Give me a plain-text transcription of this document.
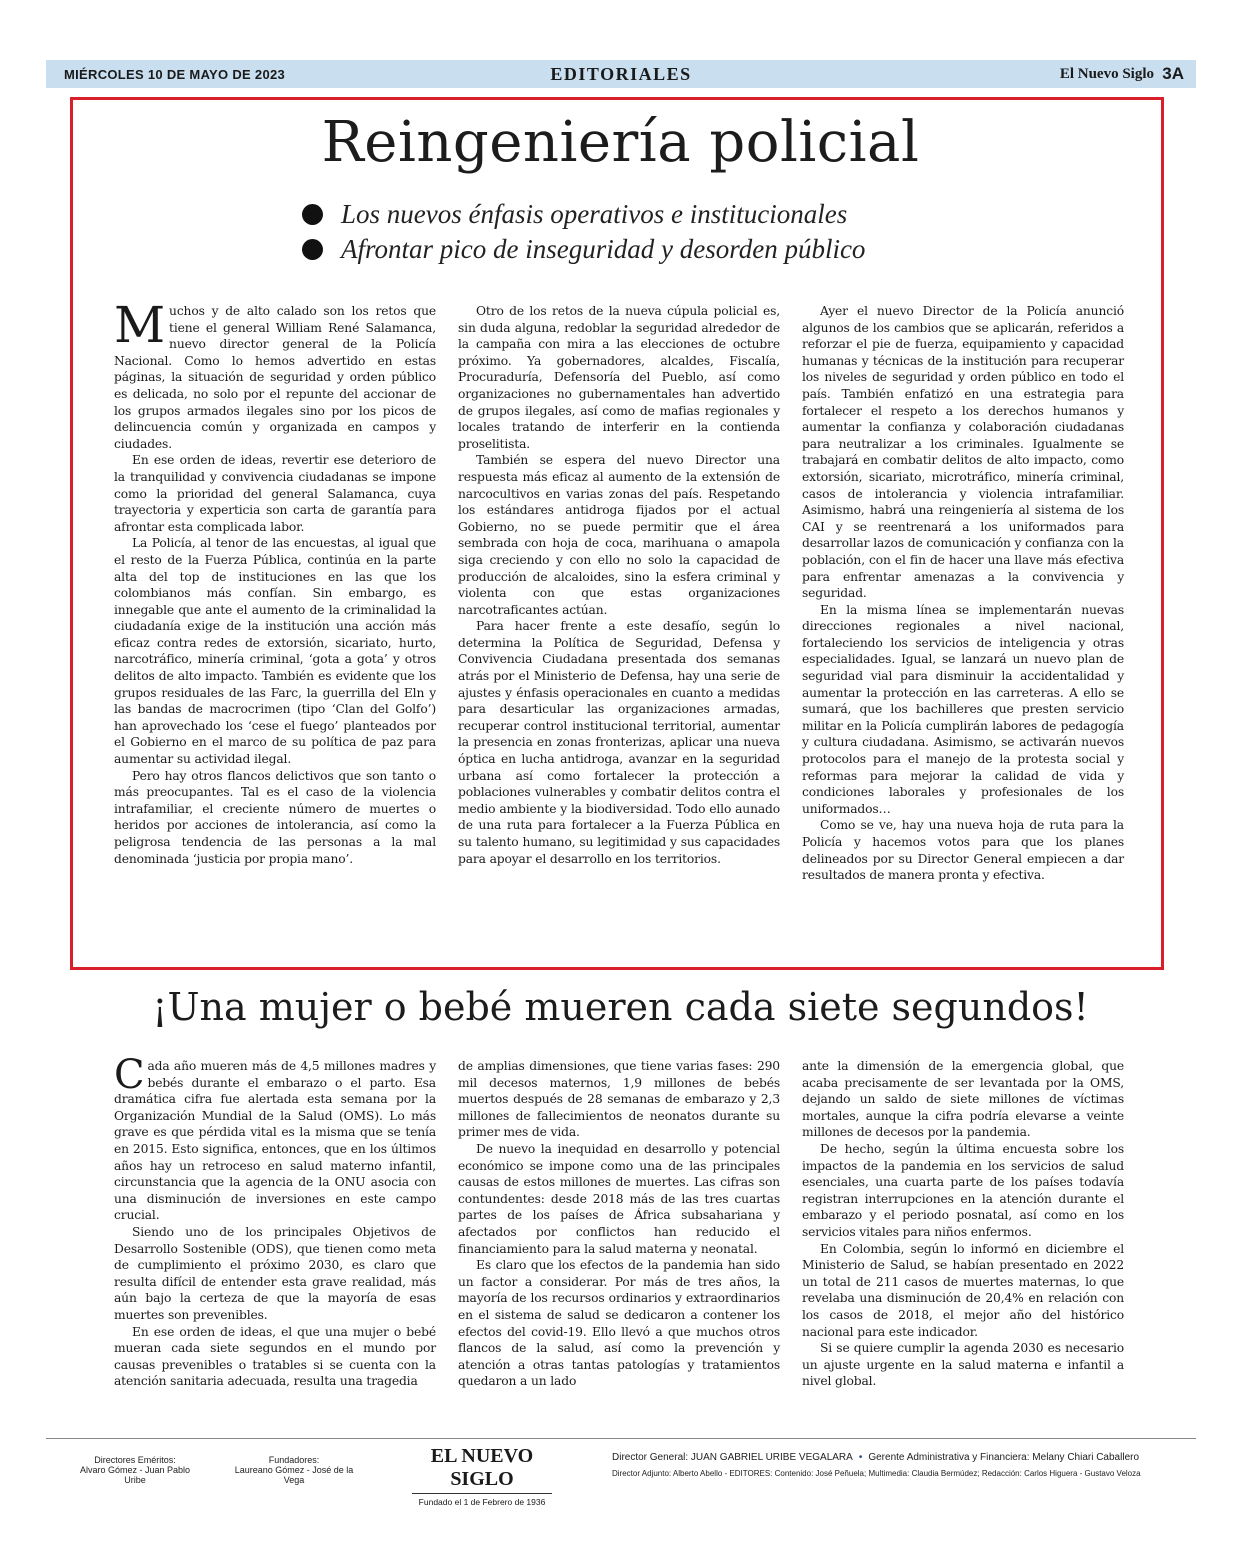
MIÉRCOLES 10 DE MAYO DE 2023	EDITORIALES	El Nuevo Siglo 3A
Reingeniería policial
Los nuevos énfasis operativos e institucionales
Afrontar pico de inseguridad y desorden público

Muchos y de alto calado son los retos que tiene el general William René Salamanca, nuevo director general de la Policía Nacional. Como lo hemos advertido en estas páginas, la situación de seguridad y orden público es delicada, no solo por el repunte del accionar de los grupos armados ilegales sino por los picos de delincuencia común y organizada en campos y ciudades.

En ese orden de ideas, revertir ese deterioro de la tranquilidad y convivencia ciudadanas se impone como la prioridad del general Salamanca, cuya trayectoria y experticia son carta de garantía para afrontar esta complicada labor.

La Policía, al tenor de las encuestas, al igual que el resto de la Fuerza Pública, continúa en la parte alta del top de instituciones en las que los colombianos más confían. Sin embargo, es innegable que ante el aumento de la criminalidad la ciudadanía exige de la institución una acción más eficaz contra redes de extorsión, sicariato, hurto, narcotráfico, minería criminal, ‘gota a gota’ y otros delitos de alto impacto. También es evidente que los grupos residuales de las Farc, la guerrilla del Eln y las bandas de macrocrimen (tipo ‘Clan del Golfo’) han aprovechado los ‘cese el fuego’ planteados por el Gobierno en el marco de su política de paz para aumentar su actividad ilegal.

Pero hay otros flancos delictivos que son tanto o más preocupantes. Tal es el caso de la violencia intrafamiliar, el creciente número de muertes o heridos por acciones de intolerancia, así como la peligrosa tendencia de las personas a la mal denominada ‘justicia por propia mano’.

Otro de los retos de la nueva cúpula policial es, sin duda alguna, redoblar la seguridad alrededor de la campaña con mira a las elecciones de octubre próximo. Ya gobernadores, alcaldes, Fiscalía, Procuraduría, Defensoría del Pueblo, así como organizaciones no gubernamentales han advertido de grupos ilegales, así como de mafias regionales y locales tratando de interferir en la contienda proselitista.

También se espera del nuevo Director una respuesta más eficaz al aumento de la extensión de narcocultivos en varias zonas del país. Respetando los estándares antidroga fijados por el actual Gobierno, no se puede permitir que el área sembrada con hoja de coca, marihuana o amapola siga creciendo y con ello no solo la capacidad de producción de alcaloides, sino la esfera criminal y violenta con que estas organizaciones narcotraficantes actúan.

Para hacer frente a este desafío, según lo determina la Política de Seguridad, Defensa y Convivencia Ciudadana presentada dos semanas atrás por el Ministerio de Defensa, hay una serie de ajustes y énfasis operacionales en cuanto a medidas para desarticular las organizaciones armadas, recuperar control institucional territorial, aumentar la presencia en zonas fronterizas, aplicar una nueva óptica en lucha antidroga, avanzar en la seguridad urbana así como fortalecer la protección a poblaciones vulnerables y combatir delitos contra el medio ambiente y la biodiversidad. Todo ello aunado de una ruta para fortalecer a la Fuerza Pública en su talento humano, su legitimidad y sus capacidades para apoyar el desarrollo en los territorios.

Ayer el nuevo Director de la Policía anunció algunos de los cambios que se aplicarán, referidos a reforzar el pie de fuerza, equipamiento y capacidad humanas y técnicas de la institución para recuperar los niveles de seguridad y orden público en todo el país. También enfatizó en una estrategia para fortalecer el respeto a los derechos humanos y aumentar la confianza y colaboración ciudadanas para neutralizar a los criminales. Igualmente se trabajará en combatir delitos de alto impacto, como extorsión, sicariato, microtráfico, minería criminal, casos de intolerancia y violencia intrafamiliar. Asimismo, habrá una reingeniería al sistema de los CAI y se reentrenará a los uniformados para desarrollar lazos de comunicación y confianza con la población, con el fin de hacer una llave más efectiva para enfrentar amenazas a la convivencia y seguridad.

En la misma línea se implementarán nuevas direcciones regionales a nivel nacional, fortaleciendo los servicios de inteligencia y otras especialidades. Igual, se lanzará un nuevo plan de seguridad vial para disminuir la accidentalidad y aumentar la protección en las carreteras. A ello se sumará, que los bachilleres que presten servicio militar en la Policía cumplirán labores de pedagogía y cultura ciudadana. Asimismo, se activarán nuevos protocolos para el manejo de la protesta social y reformas para mejorar la calidad de vida y condiciones laborales y profesionales de los uniformados…

Como se ve, hay una nueva hoja de ruta para la Policía y hacemos votos para que los planes delineados por su Director General empiecen a dar resultados de manera pronta y efectiva.

¡Una mujer o bebé mueren cada siete segundos!

Cada año mueren más de 4,5 millones madres y bebés durante el embarazo o el parto. Esa dramática cifra fue alertada esta semana por la Organización Mundial de la Salud (OMS). Lo más grave es que pérdida vital es la misma que se tenía en 2015. Esto significa, entonces, que en los últimos años hay un retroceso en salud materno infantil, circunstancia que la agencia de la ONU asocia con una disminución de inversiones en este campo crucial.

Siendo uno de los principales Objetivos de Desarrollo Sostenible (ODS), que tienen como meta de cumplimiento el próximo 2030, es claro que resulta difícil de entender esta grave realidad, más aún bajo la certeza de que la mayoría de esas muertes son prevenibles.

En ese orden de ideas, el que una mujer o bebé mueran cada siete segundos en el mundo por causas prevenibles o tratables si se cuenta con la atención sanitaria adecuada, resulta una tragedia

de amplias dimensiones, que tiene varias fases: 290 mil decesos maternos, 1,9 millones de bebés muertos después de 28 semanas de embarazo y 2,3 millones de fallecimientos de neonatos durante su primer mes de vida.

De nuevo la inequidad en desarrollo y potencial económico se impone como una de las principales causas de estos millones de muertes. Las cifras son contundentes: desde 2018 más de las tres cuartas partes de los países de África subsahariana y afectados por conflictos han reducido el financiamiento para la salud materna y neonatal.

Es claro que los efectos de la pandemia han sido un factor a considerar. Por más de tres años, la mayoría de los recursos ordinarios y extraordinarios en el sistema de salud se dedicaron a contener los efectos del covid-19. Ello llevó a que muchos otros flancos de la salud, así como la prevención y atención a otras tantas patologías y tratamientos quedaron a un lado

ante la dimensión de la emergencia global, que acaba precisamente de ser levantada por la OMS, dejando un saldo de siete millones de víctimas mortales, aunque la cifra podría elevarse a veinte millones de decesos por la pandemia.

De hecho, según la última encuesta sobre los impactos de la pandemia en los servicios de salud esenciales, una cuarta parte de los países todavía registran interrupciones en la atención durante el embarazo y el periodo posnatal, así como en los servicios vitales para niños enfermos.

En Colombia, según lo informó en diciembre el Ministerio de Salud, se habían presentado en 2022 un total de 211 casos de muertes maternas, lo que revelaba una disminución de 20,4% en relación con los casos de 2018, el mejor año del histórico nacional para este indicador.

Si se quiere cumplir la agenda 2030 es necesario un ajuste urgente en la salud materna e infantil a nivel global.

Directores Eméritos:
Alvaro Gómez - Juan Pablo Uribe
Fundadores:
Laureano Gómez - José de la Vega
EL NUEVO SIGLO
Fundado el 1 de Febrero de 1936
Director General: JUAN GABRIEL URIBE VEGALARA • Gerente Administrativa y Financiera: Melany Chiari Caballero
Director Adjunto: Alberto Abello - EDITORES: Contenido: José Peñuela; Multimedia: Claudia Bermúdez; Redacción: Carlos Higuera - Gustavo Veloza
